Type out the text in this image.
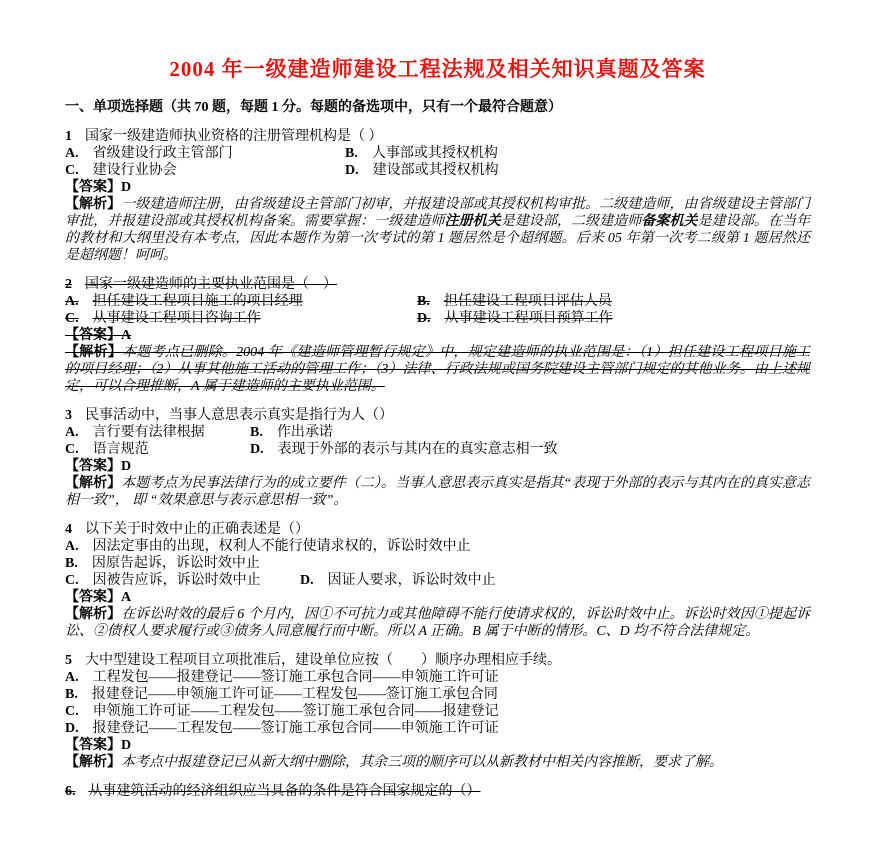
2004 年一级建造师建设工程法规及相关知识真题及答案
一、单项选择题（共 70 题，每题 1 分。每题的备选项中，只有一个最符合题意）
1 国家一级建造师执业资格的注册管理机构是（ ）
A. 省级建设行政主管部门	B. 人事部或其授权机构
C. 建设行业协会	D. 建设部或其授权机构
【答案】D
【解析】一级建造师注册，由省级建设主管部门初审，并报建设部或其授权机构审批。二级建造师，由省级建设主管部门审批，并报建设部或其授权机构备案。需要掌握：一级建造师注册机关是建设部，二级建造师备案机关是建设部。在当年的教材和大纲里没有本考点，因此本题作为第一次考试的第 1 题居然是个超纲题。后来 05 年第一次考二级第 1 题居然还是超纲题！呵呵。
2 国家一级建造师的主要执业范围是（　）
A. 担任建设工程项目施工的项目经理	B. 担任建设工程项目评估人员
C. 从事建设工程项目咨询工作	D. 从事建设工程项目预算工作
【答案】A
【解析】本题考点已删除。2004 年《建造师管理暂行规定》中，规定建造师的执业范围是：（1）担任建设工程项目施工的项目经理；（2）从事其他施工活动的管理工作；（3）法律、行政法规或国务院建设主管部门规定的其他业务。由上述规定，可以合理推断，A 属于建造师的主要执业范围。
3 民事活动中，当事人意思表示真实是指行为人（）
A. 言行要有法律根据	B. 作出承诺
C. 语言规范	D. 表现于外部的表示与其内在的真实意志相一致
【答案】D
【解析】本题考点为民事法律行为的成立要件（二）。当事人意思表示真实是指其“表现于外部的表示与其内在的真实意志相一致”， 即 “效果意思与表示意思相一致”。
4 以下关于时效中止的正确表述是（）
A. 因法定事由的出现，权利人不能行使请求权的，诉讼时效中止
B. 因原告起诉，诉讼时效中止
C. 因被告应诉，诉讼时效中止	D. 因证人要求，诉讼时效中止
【答案】A
【解析】在诉讼时效的最后 6 个月内，因①不可抗力或其他障碍不能行使请求权的，诉讼时效中止。诉讼时效因①提起诉讼、②债权人要求履行或③债务人同意履行而中断。所以 A 正确。B 属于中断的情形。C、D 均不符合法律规定。
5 大中型建设工程项目立项批准后，建设单位应按（　　）顺序办理相应手续。
A. 工程发包——报建登记——签订施工承包合同——申领施工许可证
B. 报建登记——申领施工许可证——工程发包——签订施工承包合同
C. 申领施工许可证——工程发包——签订施工承包合同——报建登记
D. 报建登记——工程发包——签订施工承包合同——申领施工许可证
【答案】D
【解析】本考点中报建登记已从新大纲中删除，其余三项的顺序可以从新教材中相关内容推断，要求了解。
6. 从事建筑活动的经济组织应当具备的条件是符合国家规定的（）
